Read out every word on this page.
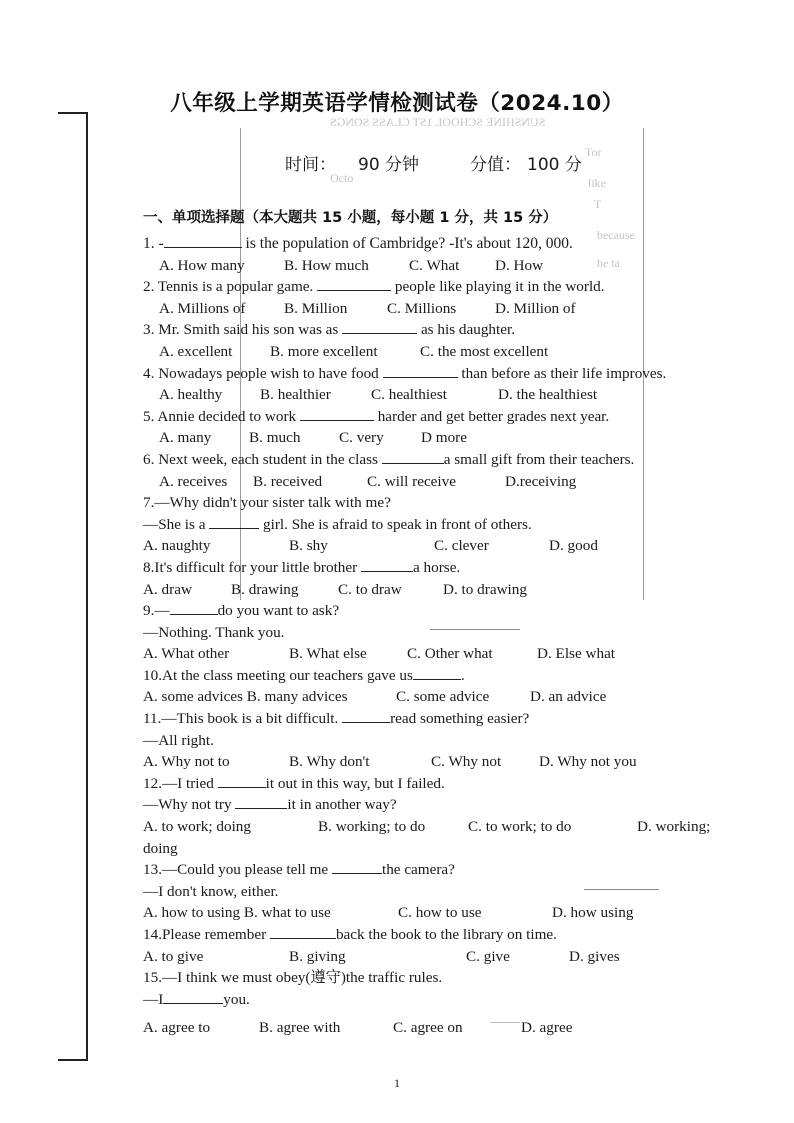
SUNSHINE SCHOOL 1ST CLASS SONGS
Tor
Octo	like
T
because
be ta
八年级上学期英语学情检测试卷（2024.10）
时间： 90 分钟	分值： 100 分
一、单项选择题（本大题共 15 小题，每小题 1 分，共 15 分）
1. -	is the population of Cambridge? -It's about 120, 000.
A. How many	B. How much	C. What D. How
2. Tennis is a popular game.	people like playing it in the world.
A. Millions of	B. Million	C. Millions	D. Million of
3. Mr. Smith said his son was as	as his daughter.
A. excellent B. more excellent	C. the most excellent
4. Nowadays people wish to have food	than before as their life improves.
A. healthy B. healthier	C. healthiest	D. the healthiest
5. Annie decided to work	harder and get better grades next year.
A. many B. much	C. very D more
6. Next week, each student in the class	a small gift from their teachers.
A. receives B. received	C. will receive	D.receiving
7.—Why didn't your sister talk with me?
—She is a	girl. She is afraid to speak in front of others.
A. naughty	B. shy	C. clever	D. good
8.It's difficult for your little brother	a horse.
A. draw	B. drawing	C. to draw	D. to drawing
9.—	do you want to ask?
—Nothing. Thank you.
A. What other	B. What else	C. Other what	D. Else what
10.At the class meeting our teachers gave us	.
A. some advices B. many advices	C. some advice	D. an advice
11.—This book is a bit difficult.	read something easier?
—All right.
A. Why not to	B. Why don't	C. Why not D. Why not you
12.—I tried	it out in this way, but I failed.
—Why not try	it in another way?
A. to work; doing	B. working; to do	C. to work; to do	D. working;
doing
13.—Could you please tell me	the camera?
—I don't know, either.
A. how to using B. what to use	C. how to use	D. how using
14.Please remember	back the book to the library on time.
A. to give	B. giving	C. give	D. gives
15.—I think we must obey(遵守)the traffic rules.
—I	you.
A. agree to	B. agree with	C. agree on	D. agree
1
